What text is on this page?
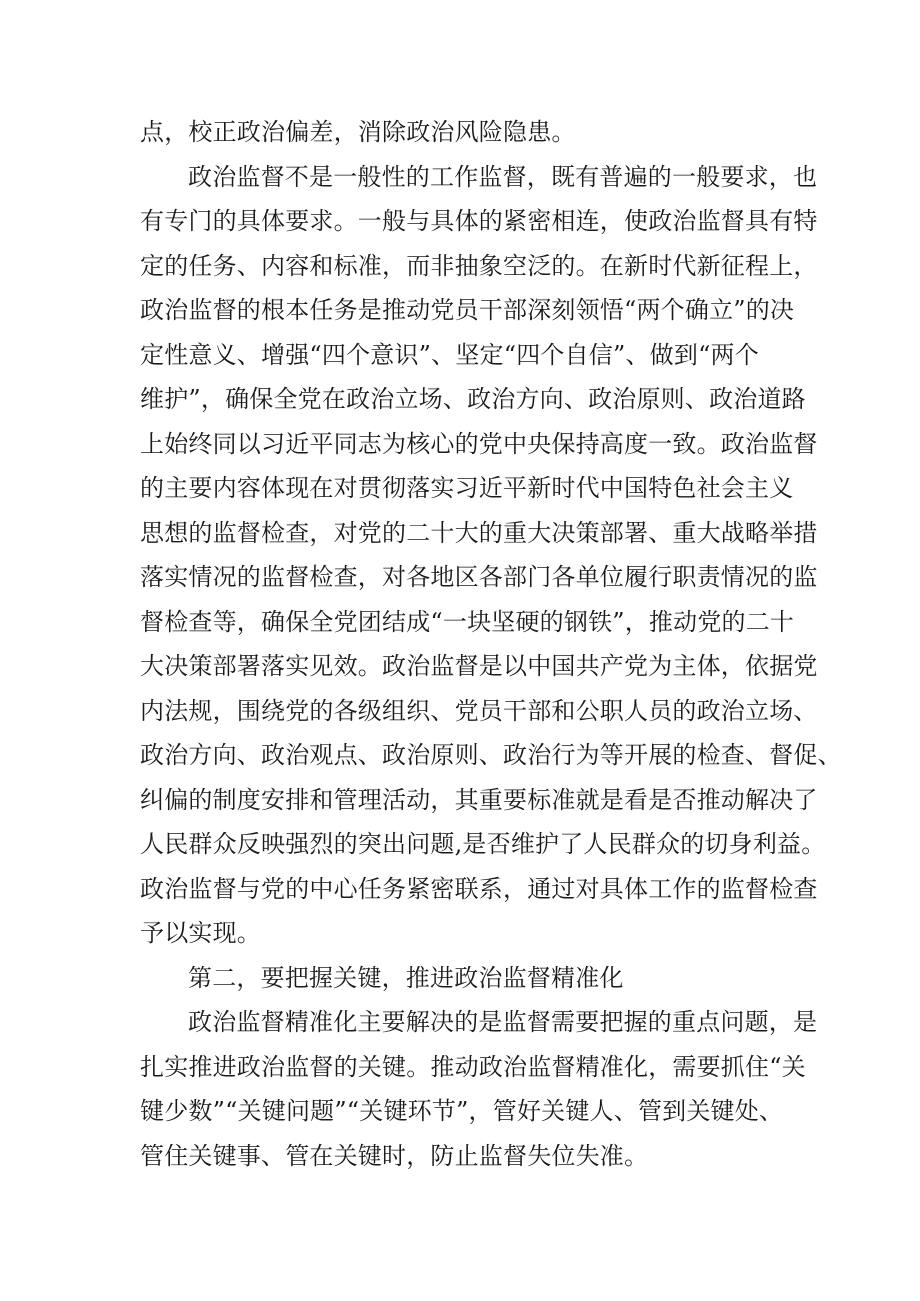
点，校正政治偏差，消除政治风险隐患。
政治监督不是一般性的工作监督，既有普遍的一般要求，也
有专门的具体要求。一般与具体的紧密相连，使政治监督具有特
定的任务、内容和标准，而非抽象空泛的。在新时代新征程上，
政治监督的根本任务是推动党员干部深刻领悟“两个确立”的决
定性意义、增强“四个意识”、坚定“四个自信”、做到“两个
维护”，确保全党在政治立场、政治方向、政治原则、政治道路
上始终同以习近平同志为核心的党中央保持高度一致。政治监督
的主要内容体现在对贯彻落实习近平新时代中国特色社会主义
思想的监督检查，对党的二十大的重大决策部署、重大战略举措
落实情况的监督检查，对各地区各部门各单位履行职责情况的监
督检查等，确保全党团结成“一块坚硬的钢铁”，推动党的二十
大决策部署落实见效。政治监督是以中国共产党为主体，依据党
内法规，围绕党的各级组织、党员干部和公职人员的政治立场、
政治方向、政治观点、政治原则、政治行为等开展的检查、督促、
纠偏的制度安排和管理活动，其重要标准就是看是否推动解决了
人民群众反映强烈的突出问题,是否维护了人民群众的切身利益。
政治监督与党的中心任务紧密联系，通过对具体工作的监督检查
予以实现。
第二，要把握关键，推进政治监督精准化
政治监督精准化主要解决的是监督需要把握的重点问题，是
扎实推进政治监督的关键。推动政治监督精准化，需要抓住“关
键少数”“关键问题”“关键环节”，管好关键人、管到关键处、
管住关键事、管在关键时，防止监督失位失准。
